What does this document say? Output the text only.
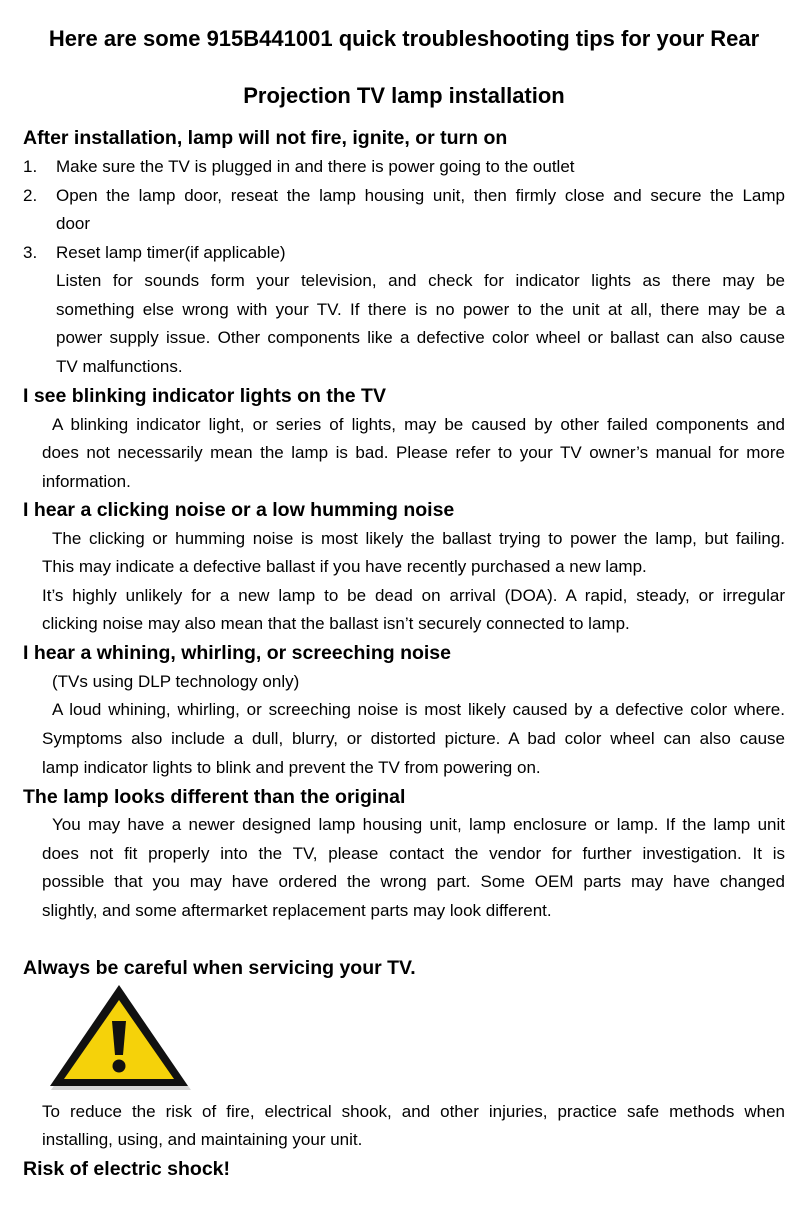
Here are some 915B441001 quick troubleshooting tips for your Rear
Projection TV lamp installation
After installation, lamp will not fire, ignite, or turn on
1. Make sure the TV is plugged in and there is power going to the outlet
2. Open the lamp door, reseat the lamp housing unit, then firmly close and secure the Lamp
door
3. Reset lamp timer(if applicable)
Listen for sounds form your television, and check for indicator lights as there may be
something else wrong with your TV. If there is no power to the unit at all, there may be a
power supply issue. Other components like a defective color wheel or ballast can also cause
TV malfunctions.
I see blinking indicator lights on the TV
A blinking indicator light, or series of lights, may be caused by other failed components and
does not necessarily mean the lamp is bad. Please refer to your TV owner’s manual for more
information.
I hear a clicking noise or a low humming noise
The clicking or humming noise is most likely the ballast trying to power the lamp, but failing.
This may indicate a defective ballast if you have recently purchased a new lamp.
It’s highly unlikely for a new lamp to be dead on arrival (DOA). A rapid, steady, or irregular
clicking noise may also mean that the ballast isn’t securely connected to lamp.
I hear a whining, whirling, or screeching noise
(TVs using DLP technology only)
A loud whining, whirling, or screeching noise is most likely caused by a defective color where.
Symptoms also include a dull, blurry, or distorted picture. A bad color wheel can also cause
lamp indicator lights to blink and prevent the TV from powering on.
The lamp looks different than the original
You may have a newer designed lamp housing unit, lamp enclosure or lamp. If the lamp unit
does not fit properly into the TV, please contact the vendor for further investigation. It is
possible that you may have ordered the wrong part. Some OEM parts may have changed
slightly, and some aftermarket replacement parts may look different.
Always be careful when servicing your TV.
To reduce the risk of fire, electrical shook, and other injuries, practice safe methods when
installing, using, and maintaining your unit.
Risk of electric shock!
